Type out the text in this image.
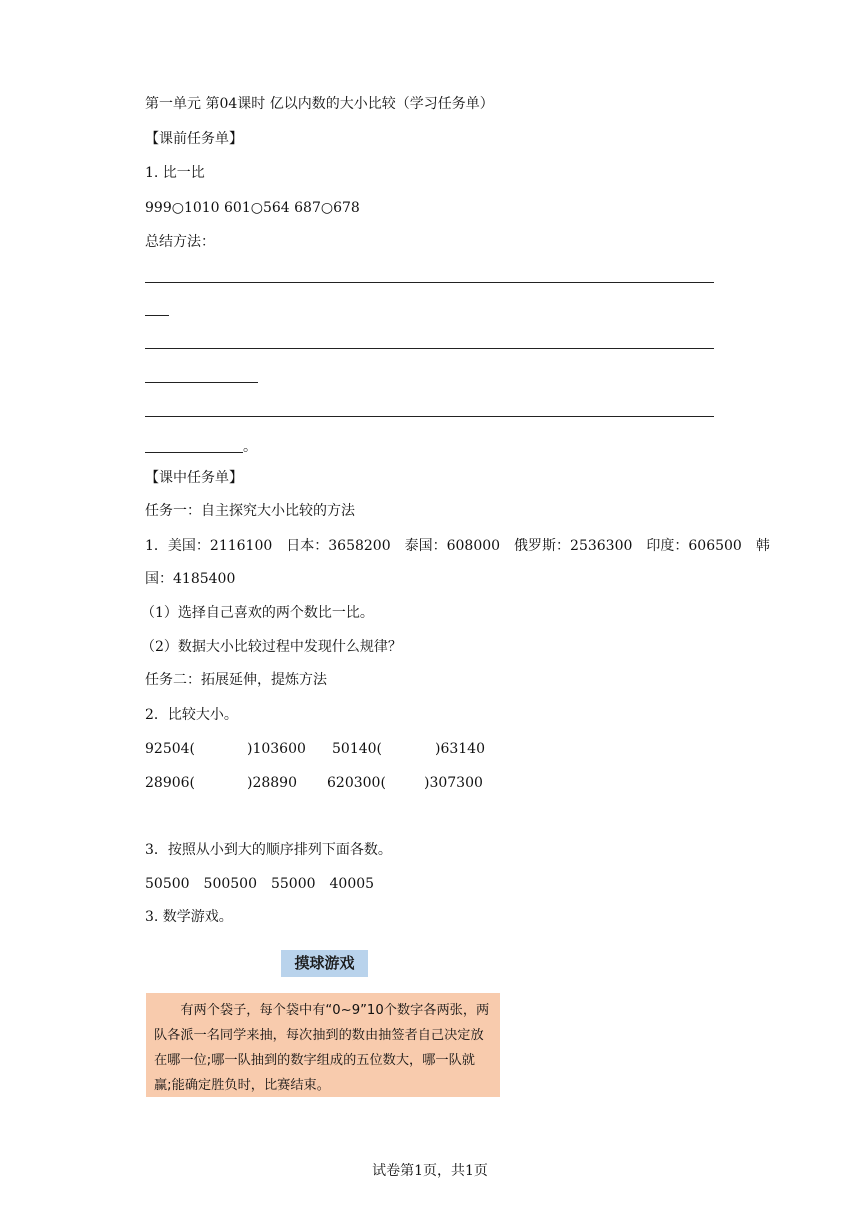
第一单元 第04课时 亿以内数的大小比较（学习任务单）
【课前任务单】
1. 比一比
999○1010 601○564 687○678
总结方法：
。
【课中任务单】
任务一：自主探究大小比较的方法
1．美国：2116100　日本：3658200　泰国：608000　俄罗斯：2536300　印度：606500　韩
国：4185400
（1）选择自己喜欢的两个数比一比。
（2）数据大小比较过程中发现什么规律？
任务二：拓展延伸，提炼方法
2．比较大小。
92504(	)103600 50140(	)63140
28906(	)28890 620300(	)307300
3．按照从小到大的顺序排列下面各数。
50500　500500　55000　40005
3. 数学游戏。
摸球游戏
　　有两个袋子，每个袋中有“0~9”10个数字各两张，两
队各派一名同学来抽，每次抽到的数由抽签者自己决定放
在哪一位;哪一队抽到的数字组成的五位数大，哪一队就
赢;能确定胜负时，比赛结束。
试卷第1页，共1页
